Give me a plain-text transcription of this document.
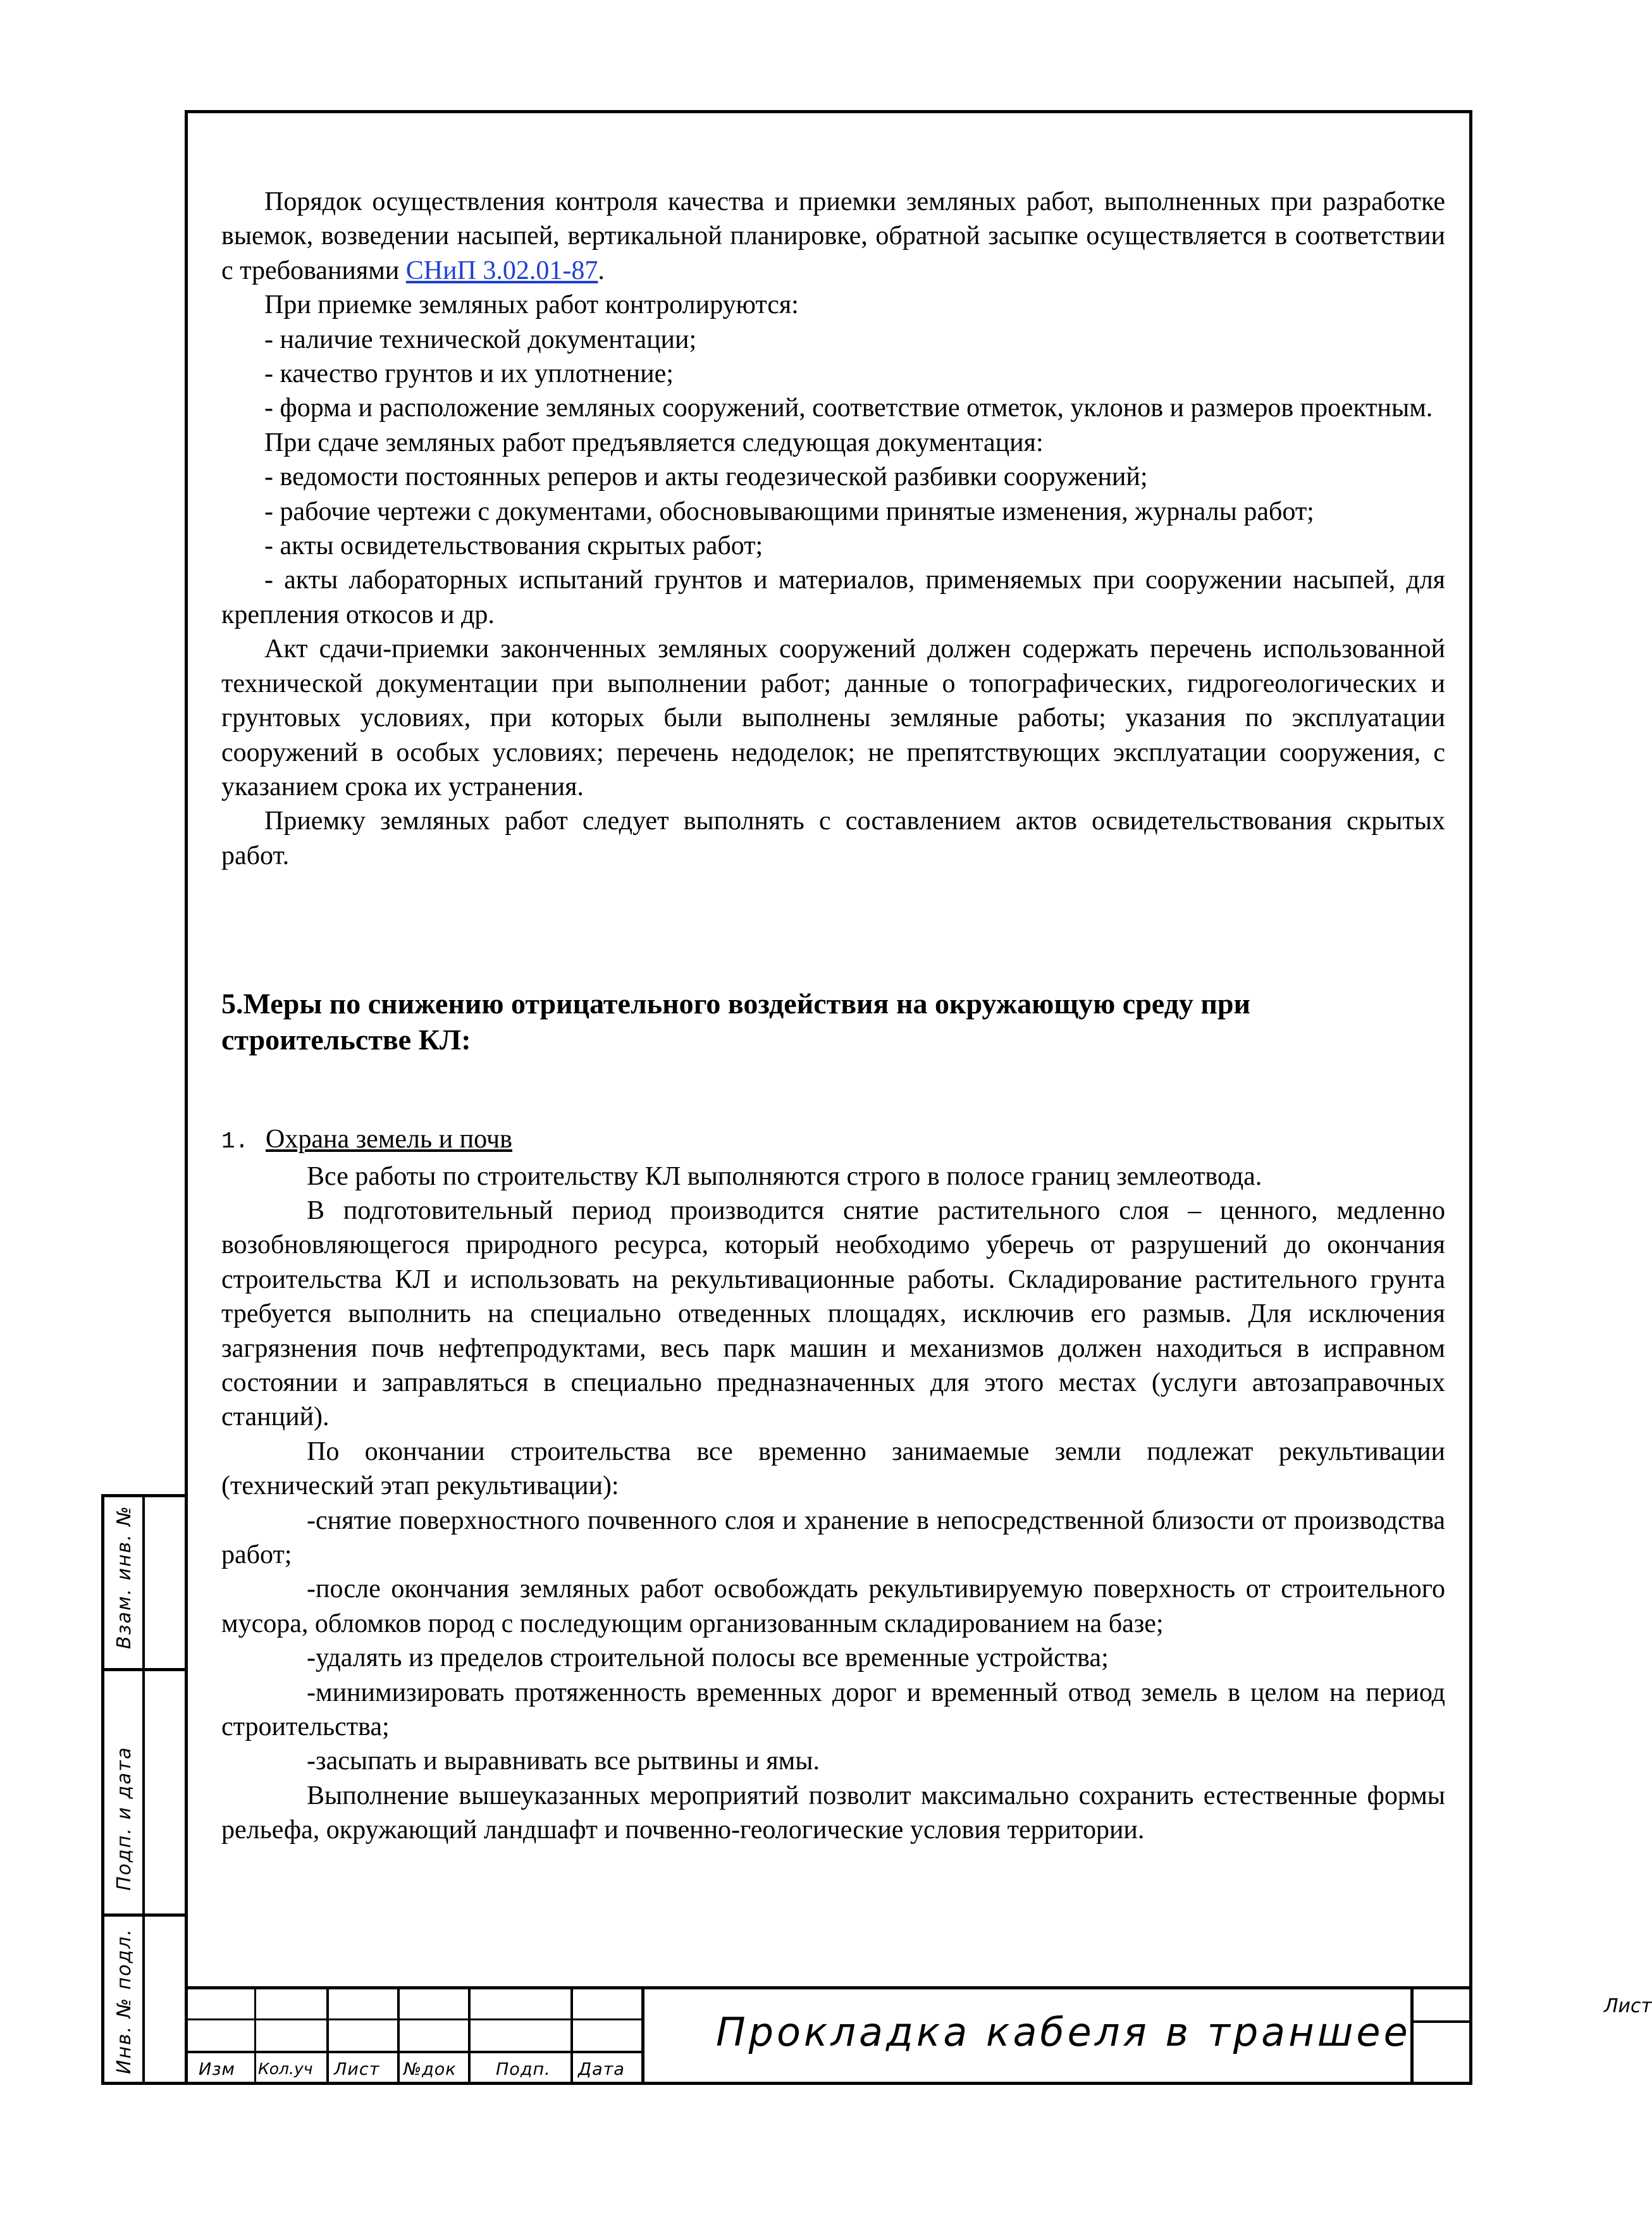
Порядок осуществления контроля качества и приемки земляных работ, выполненных при разработке выемок, возведении насыпей, вертикальной планировке, обратной засыпке осуществляется в соответствии с требованиями СНиП 3.02.01-87.

При приемке земляных работ контролируются:

- наличие технической документации;

- качество грунтов и их уплотнение;

- форма и расположение земляных сооружений, соответствие отметок, уклонов и размеров проектным.

При сдаче земляных работ предъявляется следующая документация:

- ведомости постоянных реперов и акты геодезической разбивки сооружений;

- рабочие чертежи с документами, обосновывающими принятые изменения, журналы работ;

- акты освидетельствования скрытых работ;

- акты лабораторных испытаний грунтов и материалов, применяемых при сооружении насыпей, для крепления откосов и др.

Акт сдачи-приемки законченных земляных сооружений должен содержать перечень использованной технической документации при выполнении работ; данные о топографических, гидрогеологических и грунтовых условиях, при которых были выполнены земляные работы; указания по эксплуатации сооружений в особых условиях; перечень недоделок; не препятствующих эксплуатации сооружения, с указанием срока их устранения.

Приемку земляных работ следует выполнять с составлением актов освидетельствования скрытых работ.

5.Меры по снижению отрицательного воздействия на окружающую среду при строительстве КЛ:

1. Охрана земель и почв

Все работы по строительству КЛ выполняются строго в полосе границ землеотвода.

В подготовительный период производится снятие растительного слоя – ценного, медленно возобновляющегося природного ресурса, который необходимо уберечь от разрушений до окончания строительства КЛ и использовать на рекультивационные работы. Складирование растительного грунта требуется выполнить на специально отведенных площадях, исключив его размыв. Для исключения загрязнения почв нефтепродуктами, весь парк машин и механизмов должен находиться в исправном состоянии и заправляться в специально предназначенных для этого местах (услуги автозаправочных станций).

По окончании строительства все временно занимаемые земли подлежат рекультивации (технический этап рекультивации):

-снятие поверхностного почвенного слоя и хранение в непосредственной близости от производства работ;

-после окончания земляных работ освобождать рекультивируемую поверхность от строительного мусора, обломков пород с последующим организованным складированием на базе;

-удалять из пределов строительной полосы все временные устройства;

-минимизировать протяженность временных дорог и временный отвод земель в целом на период строительства;

-засыпать и выравнивать все рытвины и ямы.

Выполнение вышеуказанных мероприятий позволит максимально сохранить естественные формы рельефа, окружающий ландшафт и почвенно-геологические условия территории.

Взам. инв. №
Подп. и дата
Инв. № подл.	Изм Кол.уч Лист №док Подп. Дата
Прокладка кабеля в траншее
Лист
